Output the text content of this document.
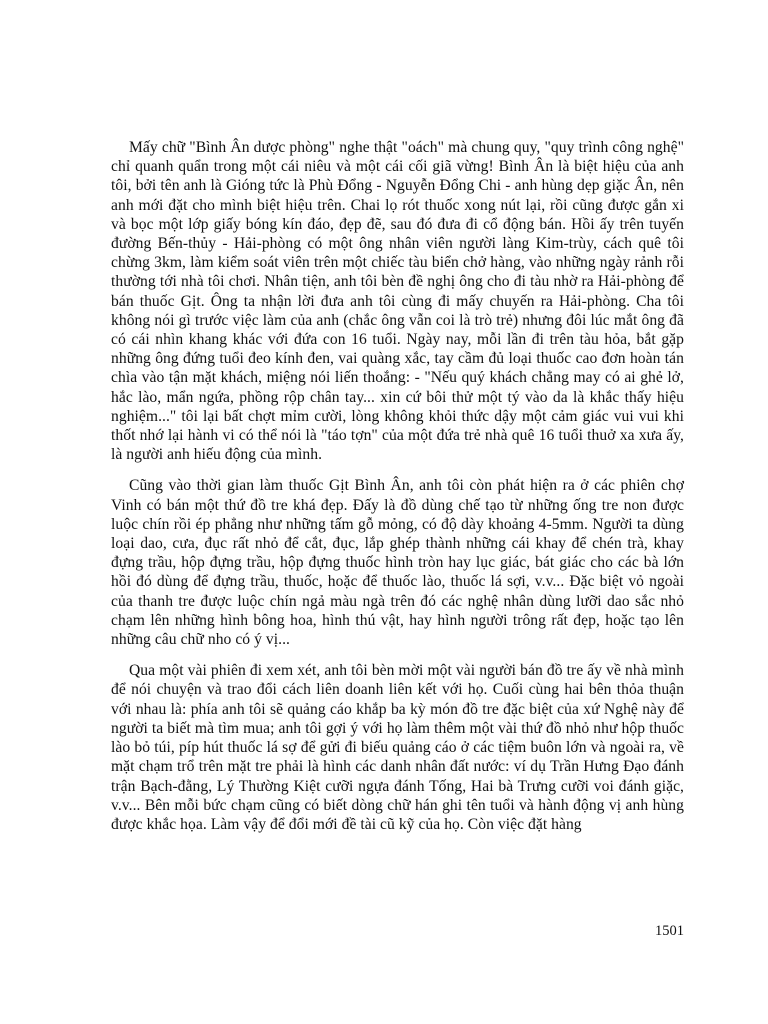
Mấy chữ "Bình Ân dược phòng" nghe thật "oách" mà chung quy, "quy trình công nghệ" chỉ quanh quẩn trong một cái niêu và một cái cối giã vừng! Bình Ân là biệt hiệu của anh tôi, bởi tên anh là Gióng tức là Phù Đổng - Nguyễn Đổng Chi - anh hùng dẹp giặc Ân, nên anh mới đặt cho mình biệt hiệu trên. Chai lọ rót thuốc xong nút lại, rồi cũng được gắn xi và bọc một lớp giấy bóng kín đáo, đẹp đẽ, sau đó đưa đi cổ động bán. Hồi ấy trên tuyến đường Bến-thủy - Hải-phòng có một ông nhân viên người làng Kim-trùy, cách quê tôi chừng 3km, làm kiểm soát viên trên một chiếc tàu biển chở hàng, vào những ngày rảnh rỗi thường tới nhà tôi chơi. Nhân tiện, anh tôi bèn đề nghị ông cho đi tàu nhờ ra Hải-phòng để bán thuốc Gịt. Ông ta nhận lời đưa anh tôi cùng đi mấy chuyến ra Hải-phòng. Cha tôi không nói gì trước việc làm của anh (chắc ông vẫn coi là trò trẻ) nhưng đôi lúc mắt ông đã có cái nhìn khang khác với đứa con 16 tuổi. Ngày nay, mỗi lần đi trên tàu hỏa, bắt gặp những ông đứng tuổi đeo kính đen, vai quàng xắc, tay cầm đủ loại thuốc cao đơn hoàn tán chìa vào tận mặt khách, miệng nói liến thoắng: - "Nếu quý khách chẳng may có ai ghẻ lở, hắc lào, mẩn ngứa, phồng rộp chân tay... xin cứ bôi thử một tý vào da là khắc thấy hiệu nghiệm..." tôi lại bất chợt mỉm cười, lòng không khỏi thức dậy một cảm giác vui vui khi thốt nhớ lại hành vi có thể nói là "táo tợn" của một đứa trẻ nhà quê 16 tuổi thuở xa xưa ấy, là người anh hiếu động của mình.

Cũng vào thời gian làm thuốc Gịt Bình Ân, anh tôi còn phát hiện ra ở các phiên chợ Vinh có bán một thứ đồ tre khá đẹp. Đấy là đồ dùng chế tạo từ những ống tre non được luộc chín rồi ép phẳng như những tấm gỗ mỏng, có độ dày khoảng 4-5mm. Người ta dùng loại dao, cưa, đục rất nhỏ để cắt, đục, lắp ghép thành những cái khay để chén trà, khay đựng trầu, hộp đựng trầu, hộp đựng thuốc hình tròn hay lục giác, bát giác cho các bà lớn hồi đó dùng để đựng trầu, thuốc, hoặc để thuốc lào, thuốc lá sợi, v.v... Đặc biệt vỏ ngoài của thanh tre được luộc chín ngả màu ngà trên đó các nghệ nhân dùng lưỡi dao sắc nhỏ chạm lên những hình bông hoa, hình thú vật, hay hình người trông rất đẹp, hoặc tạo lên những câu chữ nho có ý vị...

Qua một vài phiên đi xem xét, anh tôi bèn mời một vài người bán đồ tre ấy về nhà mình để nói chuyện và trao đổi cách liên doanh liên kết với họ. Cuối cùng hai bên thỏa thuận với nhau là: phía anh tôi sẽ quảng cáo khắp ba kỳ món đồ tre đặc biệt của xứ Nghệ này để người ta biết mà tìm mua; anh tôi gợi ý với họ làm thêm một vài thứ đồ nhỏ như hộp thuốc lào bỏ túi, píp hút thuốc lá sợ để gửi đi biếu quảng cáo ở các tiệm buôn lớn và ngoài ra, về mặt chạm trổ trên mặt tre phải là hình các danh nhân đất nước: ví dụ Trần Hưng Đạo đánh trận Bạch-đằng, Lý Thường Kiệt cưỡi ngựa đánh Tống, Hai bà Trưng cưỡi voi đánh giặc, v.v... Bên mỗi bức chạm cũng có biết dòng chữ hán ghi tên tuổi và hành động vị anh hùng được khắc họa. Làm vậy để đổi mới đề tài cũ kỹ của họ. Còn việc đặt hàng

1501
